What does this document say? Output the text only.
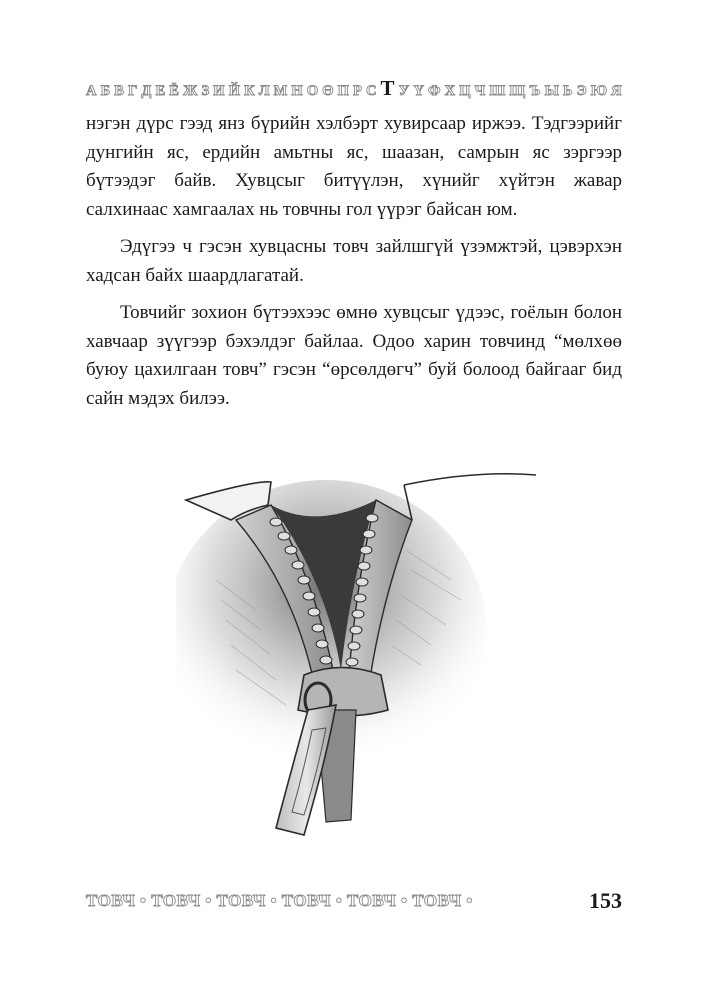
А Б В Г Д Е Ё Ж З И Й К Л М Н О Ө П Р С Т У Ү Ф Х Ц Ч Ш Щ Ъ Ы Ь Э Ю Я

нэгэн дүрс гээд янз бүрийн хэлбэрт хувирсаар иржээ. Тэдгээрийг дунгийн яс, ердийн амьтны яс, шаазан, самрын яс зэргээр бүтээдэг байв. Хувцсыг битүүлэн, хүнийг хүйтэн жавар салхинаас хамгаалах нь товчны гол үүрэг байсан юм.

Эдүгээ ч гэсэн хувцасны товч зайлшгүй үзэмжтэй, цэвэрхэн хадсан байх шаардлагатай.

Товчийг зохион бүтээхээс өмнө хувцсыг үдээс, гоёлын болон хавчаар зүүгээр бэхэлдэг байлаа. Одоо харин товчинд “мөлхөө буюу цахилгаан товч” гэсэн “өрсөлдөгч” буй болоод байгааг бид сайн мэдэх билээ.

ТОВЧ • ТОВЧ • ТОВЧ • ТОВЧ • ТОВЧ • ТОВЧ •	153
